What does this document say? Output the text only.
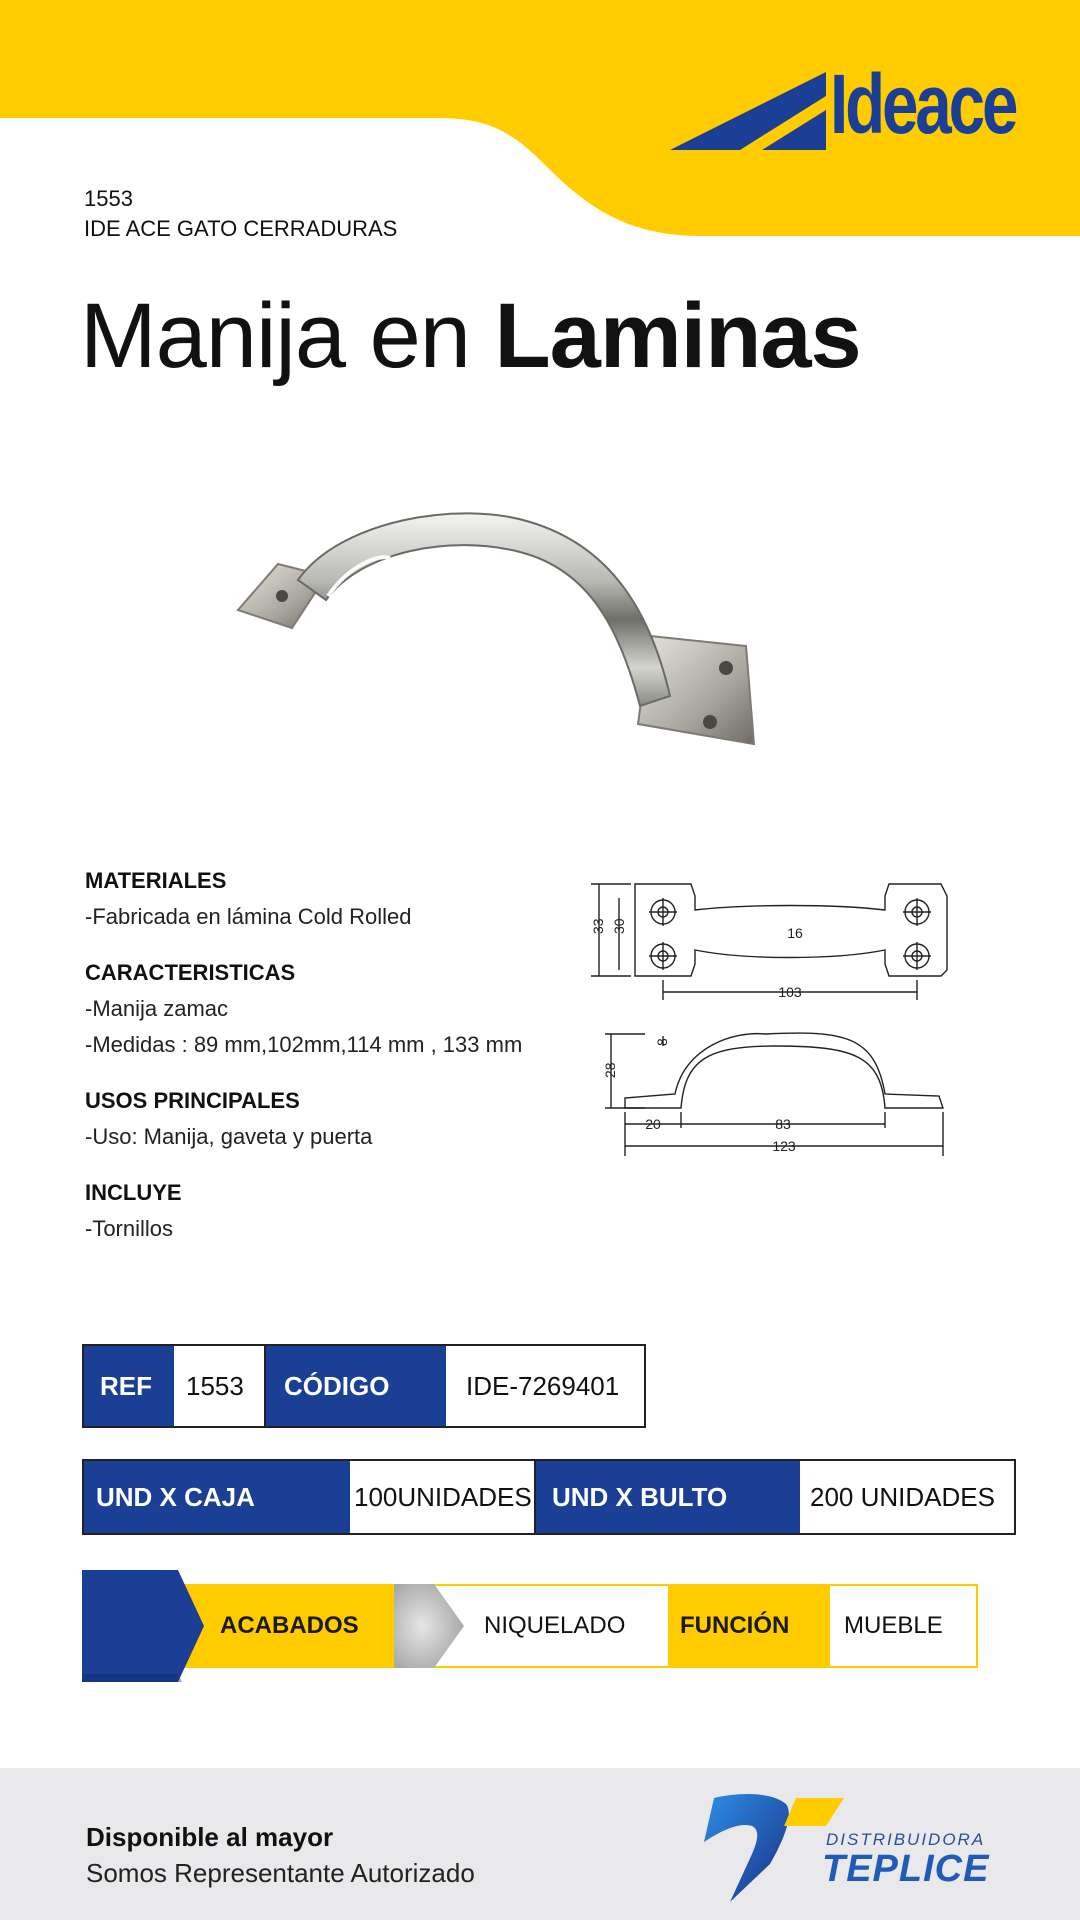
Ideace
1553
IDE ACE GATO CERRADURAS
Manija en Laminas
MATERIALES
-Fabricada en lámina Cold Rolled
CARACTERISTICAS
-Manija zamac
-Medidas : 89 mm,102mm,114 mm , 133 mm
USOS PRINCIPALES
-Uso: Manija, gaveta y puerta
INCLUYE
-Tornillos
33 30	16
103
28
8
20	83
123
REF	1553	CÓDIGO	IDE-7269401
UND X CAJA	100UNIDADES UND X BULTO	200 UNIDADES
ACABADOS	NIQUELADO FUNCIÓN MUEBLE
Disponible al mayor
Somos Representante Autorizado
DISTRIBUIDORA
TEPLICE
